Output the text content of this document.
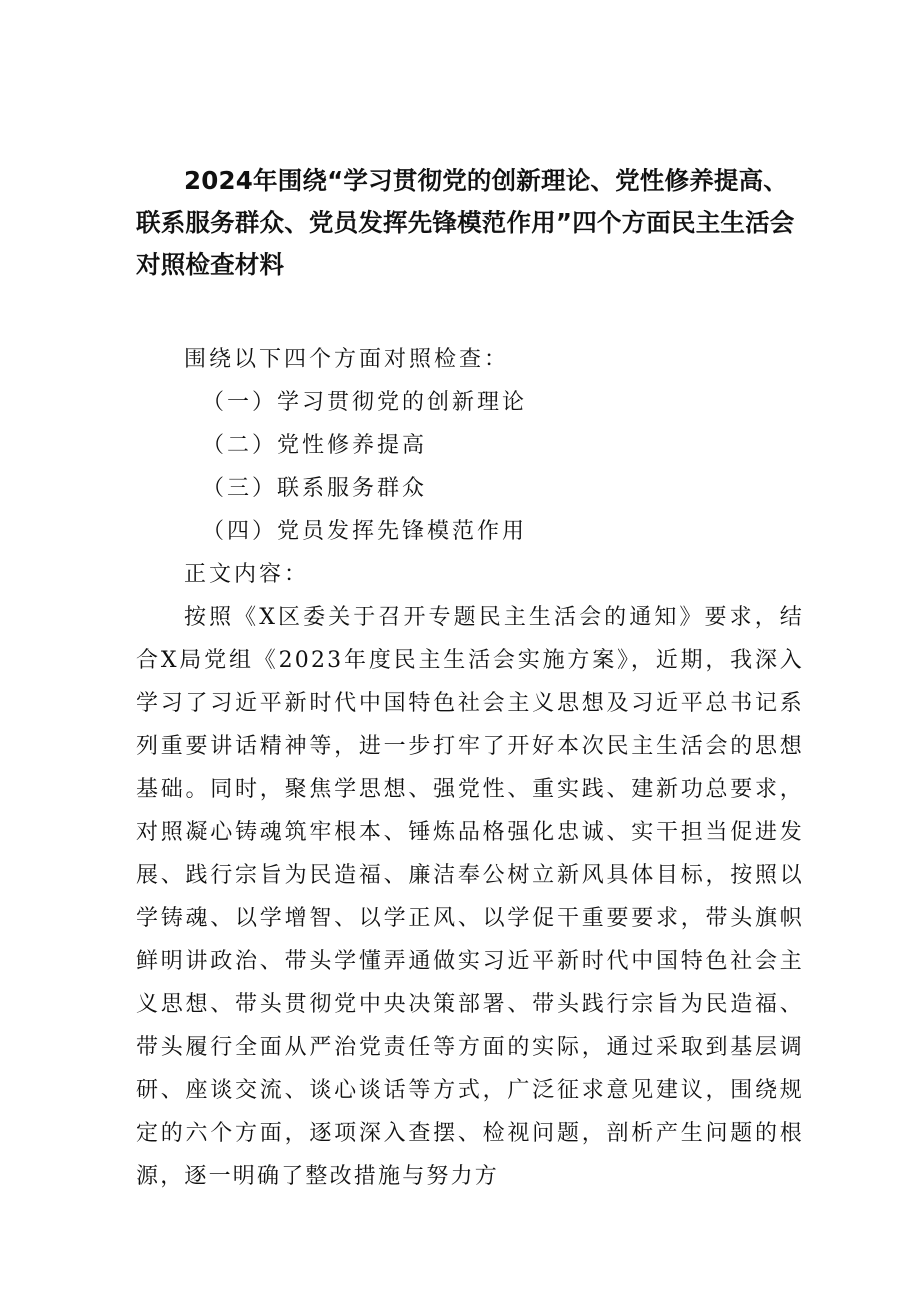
2024年围绕“学习贯彻党的创新理论、党性修养提高、联系服务群众、党员发挥先锋模范作用”四个方面民主生活会对照检查材料

围绕以下四个方面对照检查：

（一）学习贯彻党的创新理论

（二）党性修养提高

（三）联系服务群众

（四）党员发挥先锋模范作用

正文内容：

按照《X区委关于召开专题民主生活会的通知》要求，结合X局党组《2023年度民主生活会实施方案》，近期，我深入学习了习近平新时代中国特色社会主义思想及习近平总书记系列重要讲话精神等，进一步打牢了开好本次民主生活会的思想基础。同时，聚焦学思想、强党性、重实践、建新功总要求，对照凝心铸魂筑牢根本、锤炼品格强化忠诚、实干担当促进发展、践行宗旨为民造福、廉洁奉公树立新风具体目标，按照以学铸魂、以学增智、以学正风、以学促干重要要求，带头旗帜鲜明讲政治、带头学懂弄通做实习近平新时代中国特色社会主义思想、带头贯彻党中央决策部署、带头践行宗旨为民造福、带头履行全面从严治党责任等方面的实际，通过采取到基层调研、座谈交流、谈心谈话等方式，广泛征求意见建议，围绕规定的六个方面，逐项深入查摆、检视问题，剖析产生问题的根源，逐一明确了整改措施与努力方
